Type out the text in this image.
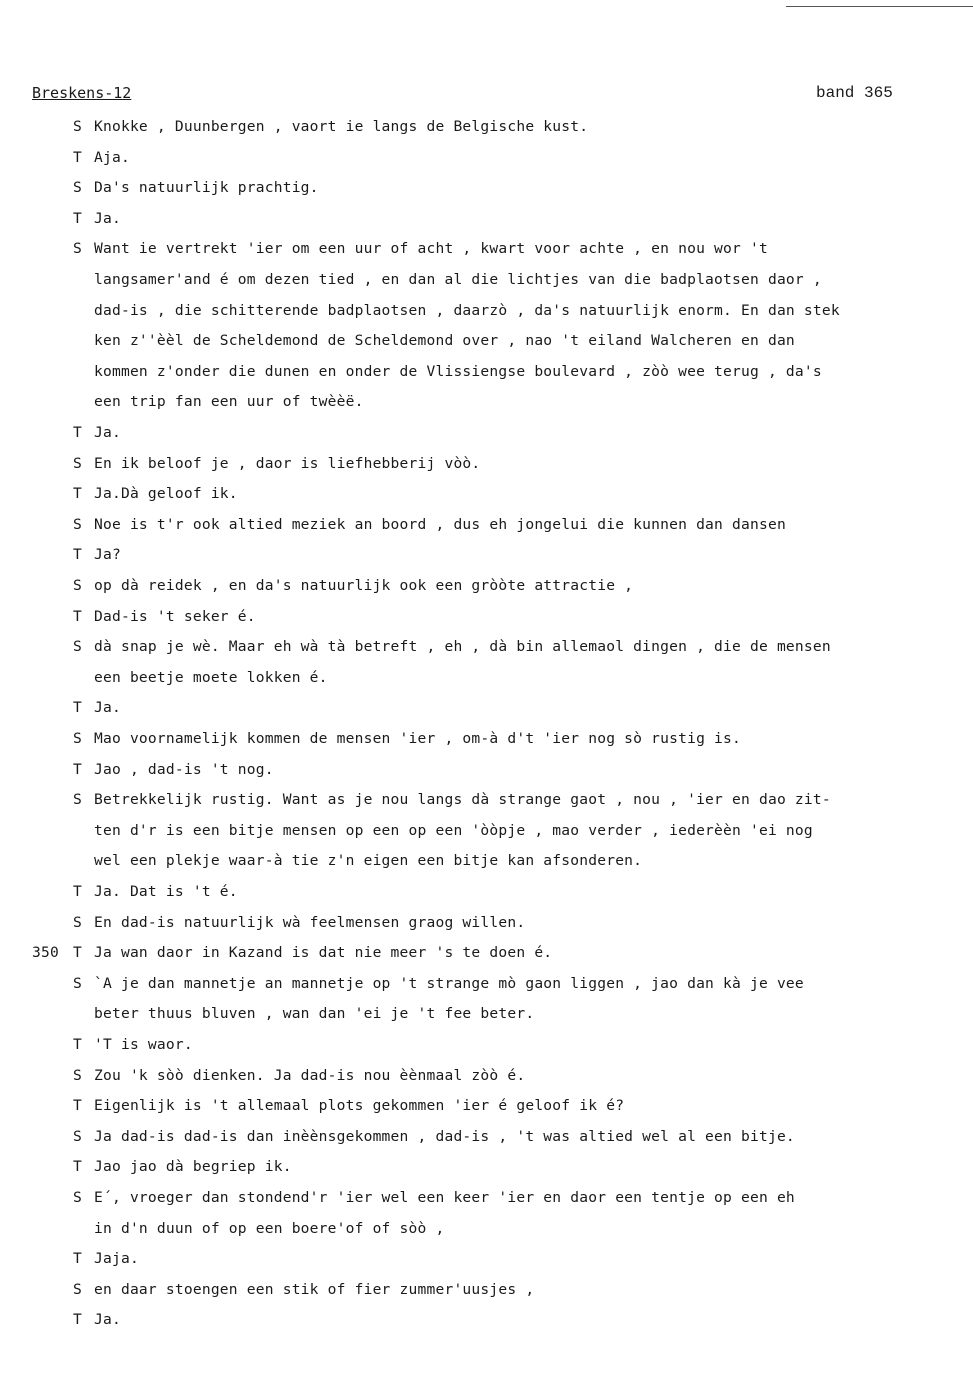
Breskens-12	band 365
S Knokke , Duunbergen , vaort ie langs de Belgische kust.
T Aja.
S Da's natuurlijk prachtig.
T Ja.
S Want ie vertrekt 'ier om een uur of acht , kwart voor achte , en nou wor 't
langsamer'and é om dezen tied , en dan al die lichtjes van die badplaotsen daor ,
dad-is , die schitterende badplaotsen , daarzò , da's natuurlijk enorm. En dan stek
ken z''èèl de Scheldemond de Scheldemond over , nao 't eiland Walcheren en dan
kommen z'onder die dunen en onder de Vlissiengse boulevard , zòò wee terug , da's
een trip fan een uur of twèèë.
T Ja.
S En ik beloof je , daor is liefhebberij vòò.
T Ja.Dà geloof ik.
S Noe is t'r ook altied meziek an boord , dus eh jongelui die kunnen dan dansen
T Ja?
S op dà reidek , en da's natuurlijk ook een gròòte attractie ,
T Dad-is 't seker é.
S dà snap je wè. Maar eh wà tà betreft , eh , dà bin allemaol dingen , die de mensen
een beetje moete lokken é.
T Ja.
S Mao voornamelijk kommen de mensen 'ier , om-à d't 'ier nog sò rustig is.
T Jao , dad-is 't nog.
S Betrekkelijk rustig. Want as je nou langs dà strange gaot , nou , 'ier en dao zit-
ten d'r is een bitje mensen op een op een 'òòpje , mao verder , iederèèn 'ei nog
wel een plekje waar-à tie z'n eigen een bitje kan afsonderen.
T Ja. Dat is 't é.
S En dad-is natuurlijk wà feelmensen graog willen.
350 T Ja wan daor in Kazand is dat nie meer 's te doen é.
S `A je dan mannetje an mannetje op 't strange mò gaon liggen , jao dan kà je vee
beter thuus bluven , wan dan 'ei je 't fee beter.
T 'T is waor.
S Zou 'k sòò dienken. Ja dad-is nou èènmaal zòò é.
T Eigenlijk is 't allemaal plots gekommen 'ier é geloof ik é?
S Ja dad-is dad-is dan inèènsgekommen , dad-is , 't was altied wel al een bitje.
T Jao jao dà begriep ik.
S E´, vroeger dan stondend'r 'ier wel een keer 'ier en daor een tentje op een eh
in d'n duun of op een boere'of of sòò ,
T Jaja.
S en daar stoengen een stik of fier zummer'uusjes ,
T Ja.
